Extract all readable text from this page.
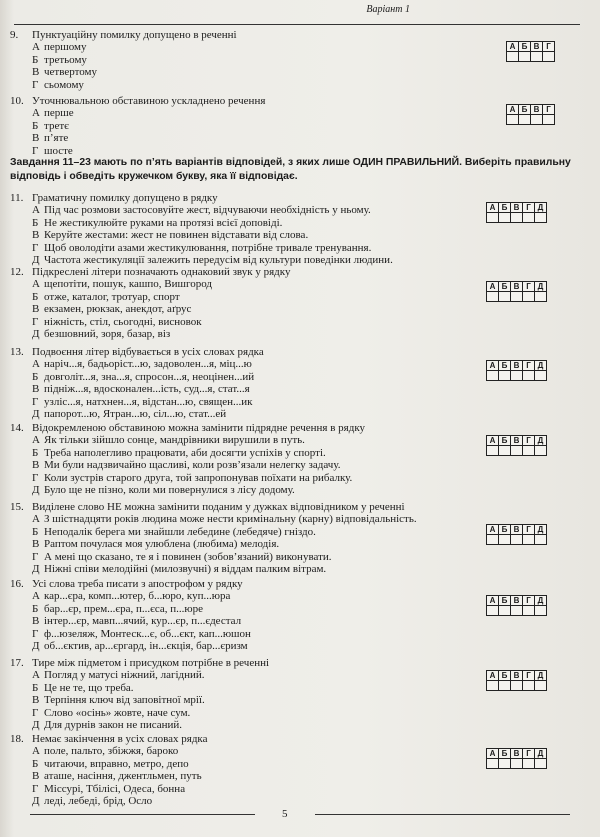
Варіант 1
9.	Пунктуаційну помилку допущено в реченні
А першому
Б третьому
В четвертому
Г сьомому
А	Б	В	Г

10. Уточнювальною обставиною ускладнено речення
А перше
Б третє
В п’яте
Г шосте
А	Б	В	Г

11. Граматичну помилку допущено в рядку
А Під час розмови застосовуйте жест, відчуваючи необхідність у ньому.
Б Не жестикулюйте руками на протязі всієї доповіді.
В Керуйте жестами: жест не повинен відставати від слова.
Г Щоб оволодіти азами жестикулювання, потрібне тривале тренування.
Д Частота жестикуляції залежить передусім від культури поведінки людини.
А	Б	В	Г	Д

12. Підкреслені літери позначають однаковий звук у рядку
А щепотіти, пошук, кашпо, Вишгород
Б отже, каталог, тротуар, спорт
В екзамен, рюкзак, анекдот, аґрус
Г ніжність, стіл, сьогодні, висновок
Д безшовний, зоря, базар, віз
А	Б	В	Г	Д

13. Подвоєння літер відбувається в усіх словах рядка
А наріч...я, бадьоріст...ю, задоволен...я, міц...ю
Б довголіт...я, зна...я, спросон...я, неоцінен...ий
В підніж...я, вдосконален...ість, суд...я, стат...я
Г узліс...я, натхнен...я, відстан...ю, священ...ик
Д папорот...ю, Ятран...ю, сіл...ю, стат...ей
А	Б	В	Г	Д

14. Відокремленою обставиною можна замінити підрядне речення в рядку
А Як тільки зійшло сонце, мандрівники вирушили в путь.
Б Треба наполегливо працювати, аби досягти успіхів у спорті.
В Ми були надзвичайно щасливі, коли розв’язали нелегку задачу.
Г Коли зустрів старого друга, той запропонував поїхати на рибалку.
Д Було ще не пізно, коли ми повернулися з лісу додому.
А	Б	В	Г	Д

15. Виділене слово НЕ можна замінити поданим у дужках відповідником у реченні
А З шістнадцяти років людина може нести кримінальну (карну) відповідальність.
Б Неподалік берега ми знайшли лебедине (лебедяче) гніздо.
В Раптом почулася моя улюблена (любима) мелодія.
Г А мені що сказано, те я і повинен (зобов’язаний) виконувати.
Д Ніжні співи мелодійні (милозвучні) я віддам палким вітрам.
А	Б	В	Г	Д

16. Усі слова треба писати з апострофом у рядку
А кар...єра, комп...ютер, б...юро, куп...юра
Б бар...єр, прем...єра, п...єса, п...юре
В інтер...єр, мавп...ячий, кур...єр, п...єдестал
Г ф...юзеляж, Монтеск...є, об...єкт, кап...юшон
Д об...єктив, ар...єргард, ін...єкція, бар...єризм
А	Б	В	Г	Д

17. Тире між підметом і присудком потрібне в реченні
А Погляд у матусі ніжний, лагідний.
Б Це не те, що треба.
В Терпіння ключ від заповітної мрії.
Г Слово «осінь» жовте, наче сум.
Д Для дурнів закон не писаний.
А	Б	В	Г	Д

18. Немає закінчення в усіх словах рядка
А поле, пальто, збіжжя, бароко
Б читаючи, вправно, метро, депо
В аташе, насіння, джентльмен, путь
Г Міссурі, Тбілісі, Одеса, бонна
Д леді, лебеді, брід, Осло
А	Б	В	Г	Д

Завдання 11–23 мають по п’ять варіантів відповідей, з яких лише ОДИН ПРАВИЛЬНИЙ. Виберіть правильну відповідь і обведіть кружечком букву, яка її відповідає.
5
